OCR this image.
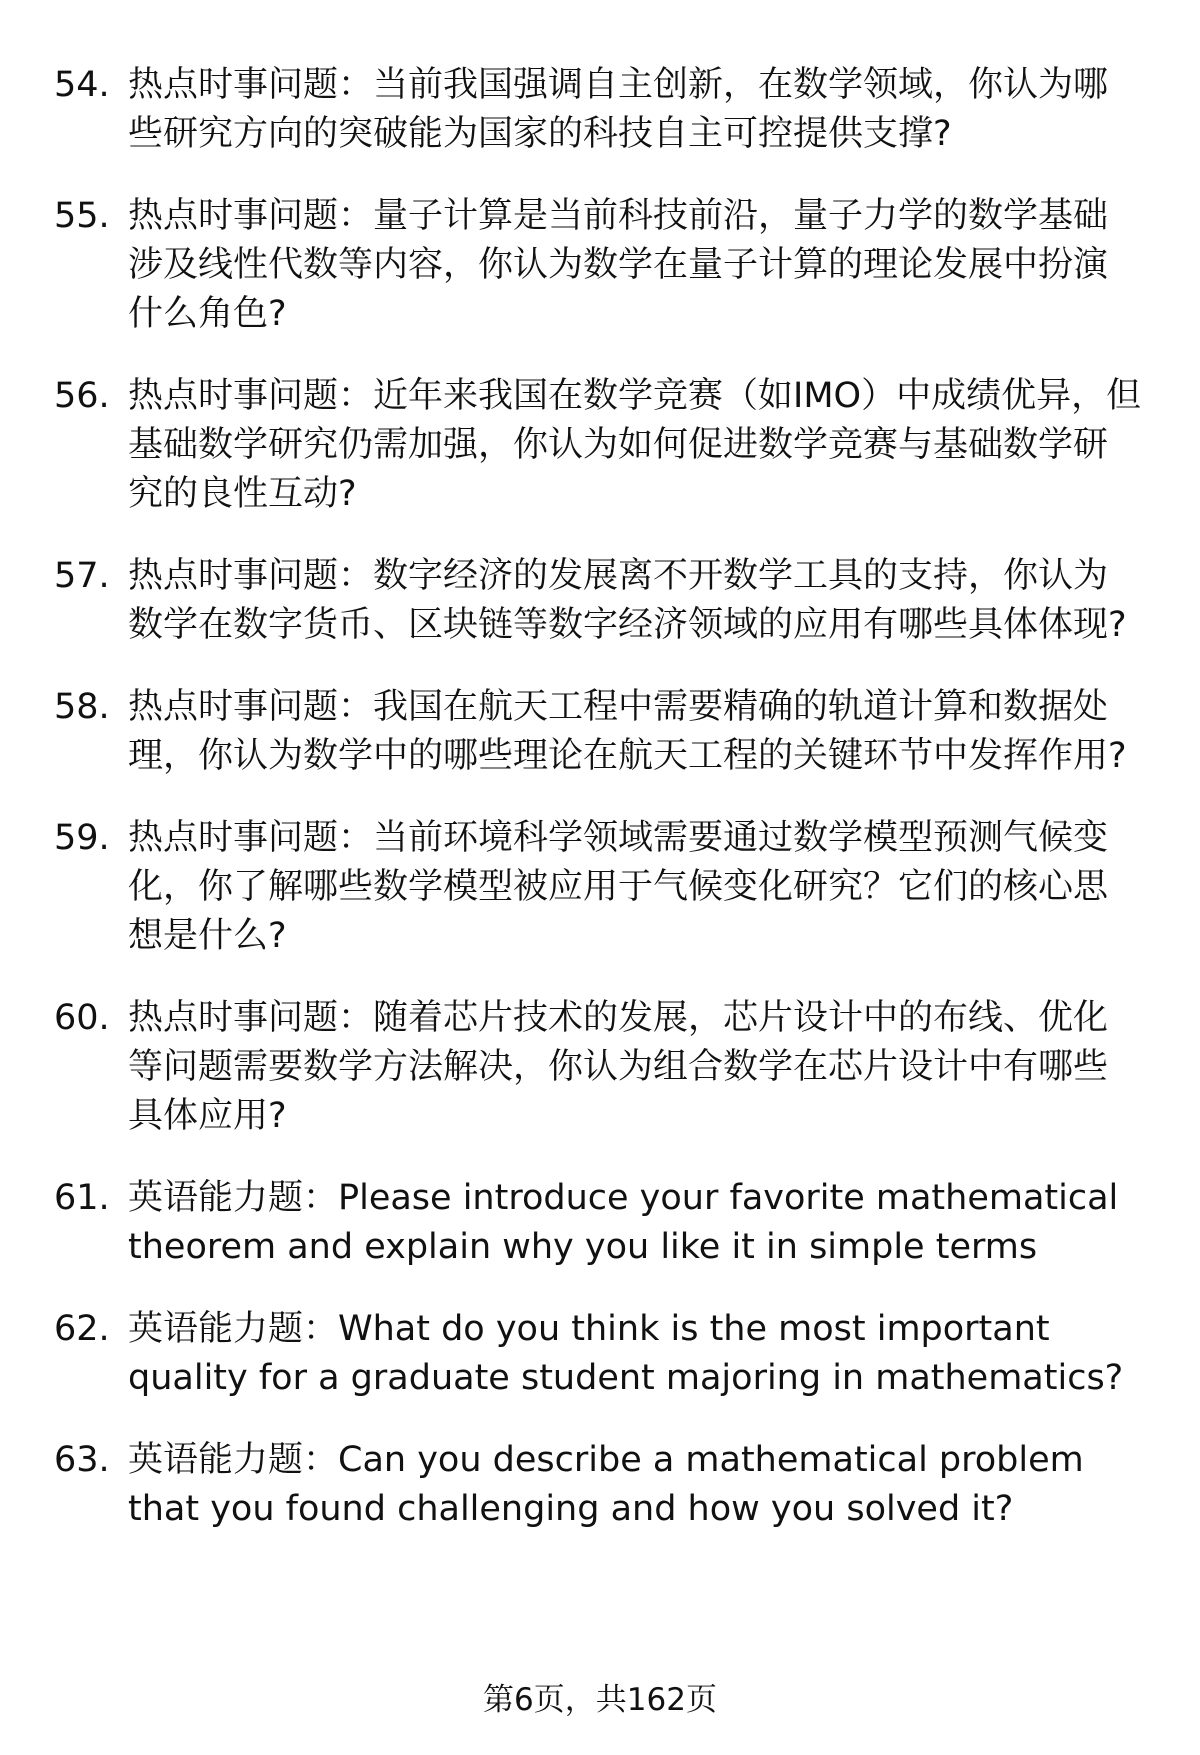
54. 热点时事问题：当前我国强调自主创新，在数学领域，你认为哪些研究方向的突破能为国家的科技自主可控提供支撑?
55. 热点时事问题：量子计算是当前科技前沿，量子力学的数学基础涉及线性代数等内容，你认为数学在量子计算的理论发展中扮演什么角色?
56. 热点时事问题：近年来我国在数学竞赛（如IMO）中成绩优异，但基础数学研究仍需加强，你认为如何促进数学竞赛与基础数学研究的良性互动?
57. 热点时事问题：数字经济的发展离不开数学工具的支持，你认为数学在数字货币、区块链等数字经济领域的应用有哪些具体体现?
58. 热点时事问题：我国在航天工程中需要精确的轨道计算和数据处理，你认为数学中的哪些理论在航天工程的关键环节中发挥作用?
59. 热点时事问题：当前环境科学领域需要通过数学模型预测气候变化，你了解哪些数学模型被应用于气候变化研究？它们的核心思想是什么?
60. 热点时事问题：随着芯片技术的发展，芯片设计中的布线、优化等问题需要数学方法解决，你认为组合数学在芯片设计中有哪些具体应用?
61. 英语能力题：Please introduce your favorite mathematical theorem and explain why you like it in simple terms
62. 英语能力题：What do you think is the most important quality for a graduate student majoring in mathematics?
63. 英语能力题：Can you describe a mathematical problem that you found challenging and how you solved it?
第6页，共162页
